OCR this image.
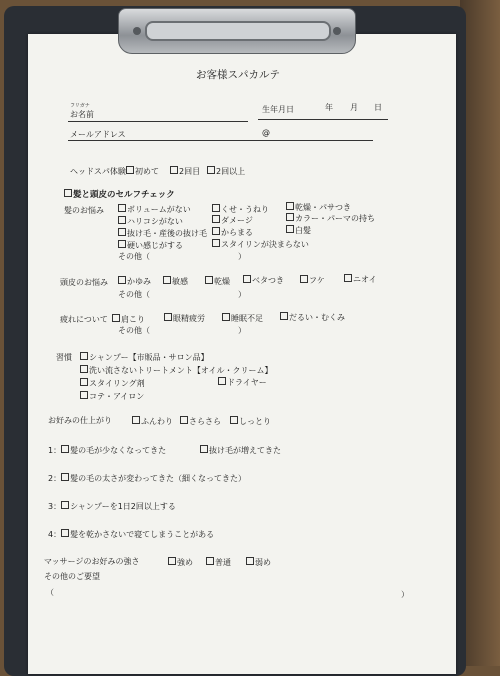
お客様スパカルテ
フリガナ
お名前
生年月日	年 月 日
メールアドレス	@
ヘッドスパ体験	初めて	2回目	2回以上
髪と頭皮のセルフチェック
髪のお悩み	ボリュームがない	くせ・うねり	乾燥・パサつき
ハリコシがない	ダメージ	カラー・パーマの持ち
抜け毛・産後の抜け毛	からまる	白髪
硬い感じがする	スタイリンが決まらない
その他（　　　　　　　　　　　）
頭皮のお悩み	かゆみ	敏感	乾燥	ベタつき	フケ	ニオイ
その他（　　　　　　　　　　　）
疲れについて	肩こり	眼精疲労	睡眠不足	だるい・むくみ
その他（　　　　　　　　　　　）
習慣	シャンプー【市販品・サロン品】
洗い流さないトリートメント【オイル・クリーム】
スタイリング剤	ドライヤー
コテ・アイロン
お好みの仕上がり	ふんわり	さらさら	しっとり
1： 髪の毛が少なくなってきた	抜け毛が増えてきた
2： 髪の毛の太さが変わってきた（細くなってきた）
3： シャンプーを1日2回以上する
4： 髪を乾かさないで寝てしまうことがある
マッサージのお好みの強さ	強め	普通	弱め
その他のご要望
（	）
